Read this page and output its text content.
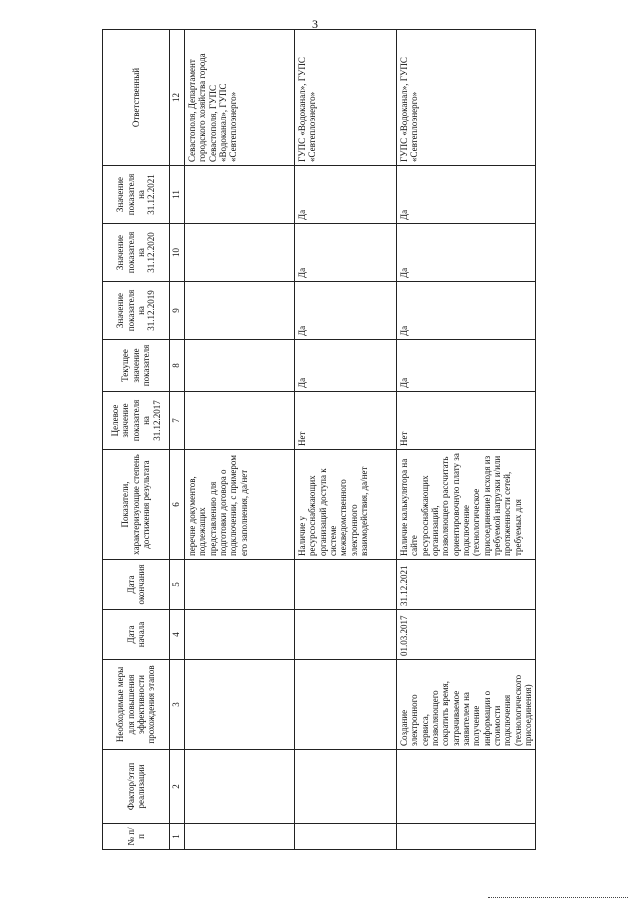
3
№ п/п	Фактор/этап реализации	Необходимые меры для повышения эффективности прохождения этапов	Дата начала	Дата окончания	Показатели, характеризующие степень достижения результата	Целевое значение показателя на 31.12.2017	Текущее значение показателя	Значение показателя на 31.12.2019	Значение показателя на 31.12.2020	Значение показателя на 31.12.2021	Ответственный
1	2	3	4	5	6	7	8	9	10	11	12
					перечне документов, подлежащих представлению для подготовки договора о подключении, с примером его заполнения, да/нет						Севастополя, Департамент городского хозяйства города Севастополя, ГУПС «Водоканал», ГУПС «Севтеплоэнерго»
					Наличие у ресурсоснабжающих организаций доступа к системе межведомственного электронного взаимодействия, да/нет	Нет	Да	Да	Да	Да	ГУПС «Водоканал», ГУПС «Севтеплоэнерго»
		Создание электронного сервиса, позволяющего сократить время, затрачиваемое заявителем на получение информации о стоимости подключения (технологического присоединения)	01.03.2017	31.12.2021	Наличие калькулятора на сайте ресурсоснабжающих организаций, позволяющего рассчитать ориентировочную плату за подключение (технологическое присоединение) исходя из требуемой нагрузки и/или протяженности сетей, требуемых для	Нет	Да	Да	Да	Да	ГУПС «Водоканал», ГУПС «Севтеплоэнерго»
